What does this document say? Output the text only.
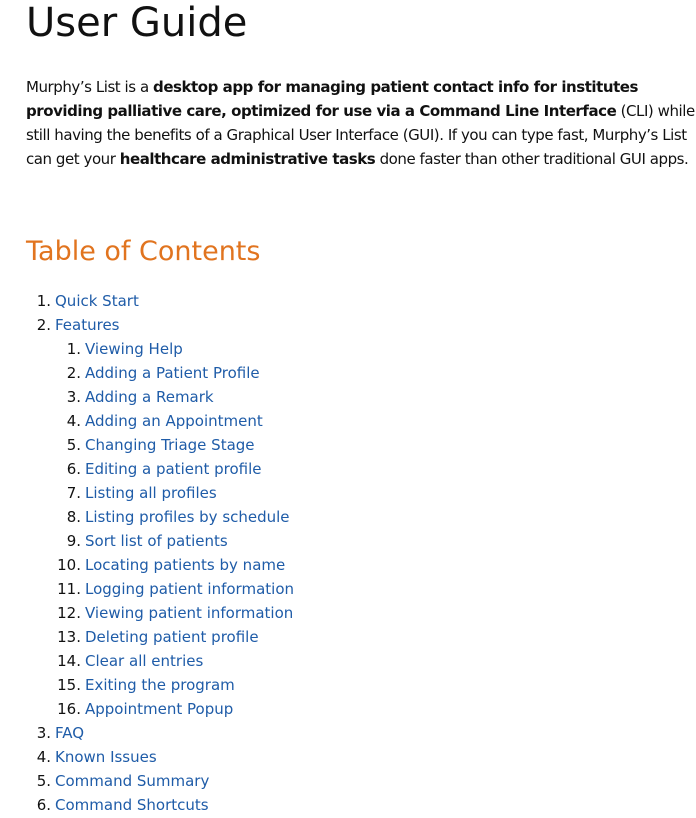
User Guide

Murphy’s List is a desktop app for managing patient contact info for institutes providing palliative care, optimized for use via a Command Line Interface (CLI) while still having the benefits of a Graphical User Interface (GUI). If you can type fast, Murphy’s List can get your healthcare administrative tasks done faster than other traditional GUI apps.

Table of Contents
1. Quick Start
2. Features
1. Viewing Help
2. Adding a Patient Profile
3. Adding a Remark
4. Adding an Appointment
5. Changing Triage Stage
6. Editing a patient profile
7. Listing all profiles
8. Listing profiles by schedule
9. Sort list of patients
10. Locating patients by name
11. Logging patient information
12. Viewing patient information
13. Deleting patient profile
14. Clear all entries
15. Exiting the program
16. Appointment Popup
3. FAQ
4. Known Issues
5. Command Summary
6. Command Shortcuts
